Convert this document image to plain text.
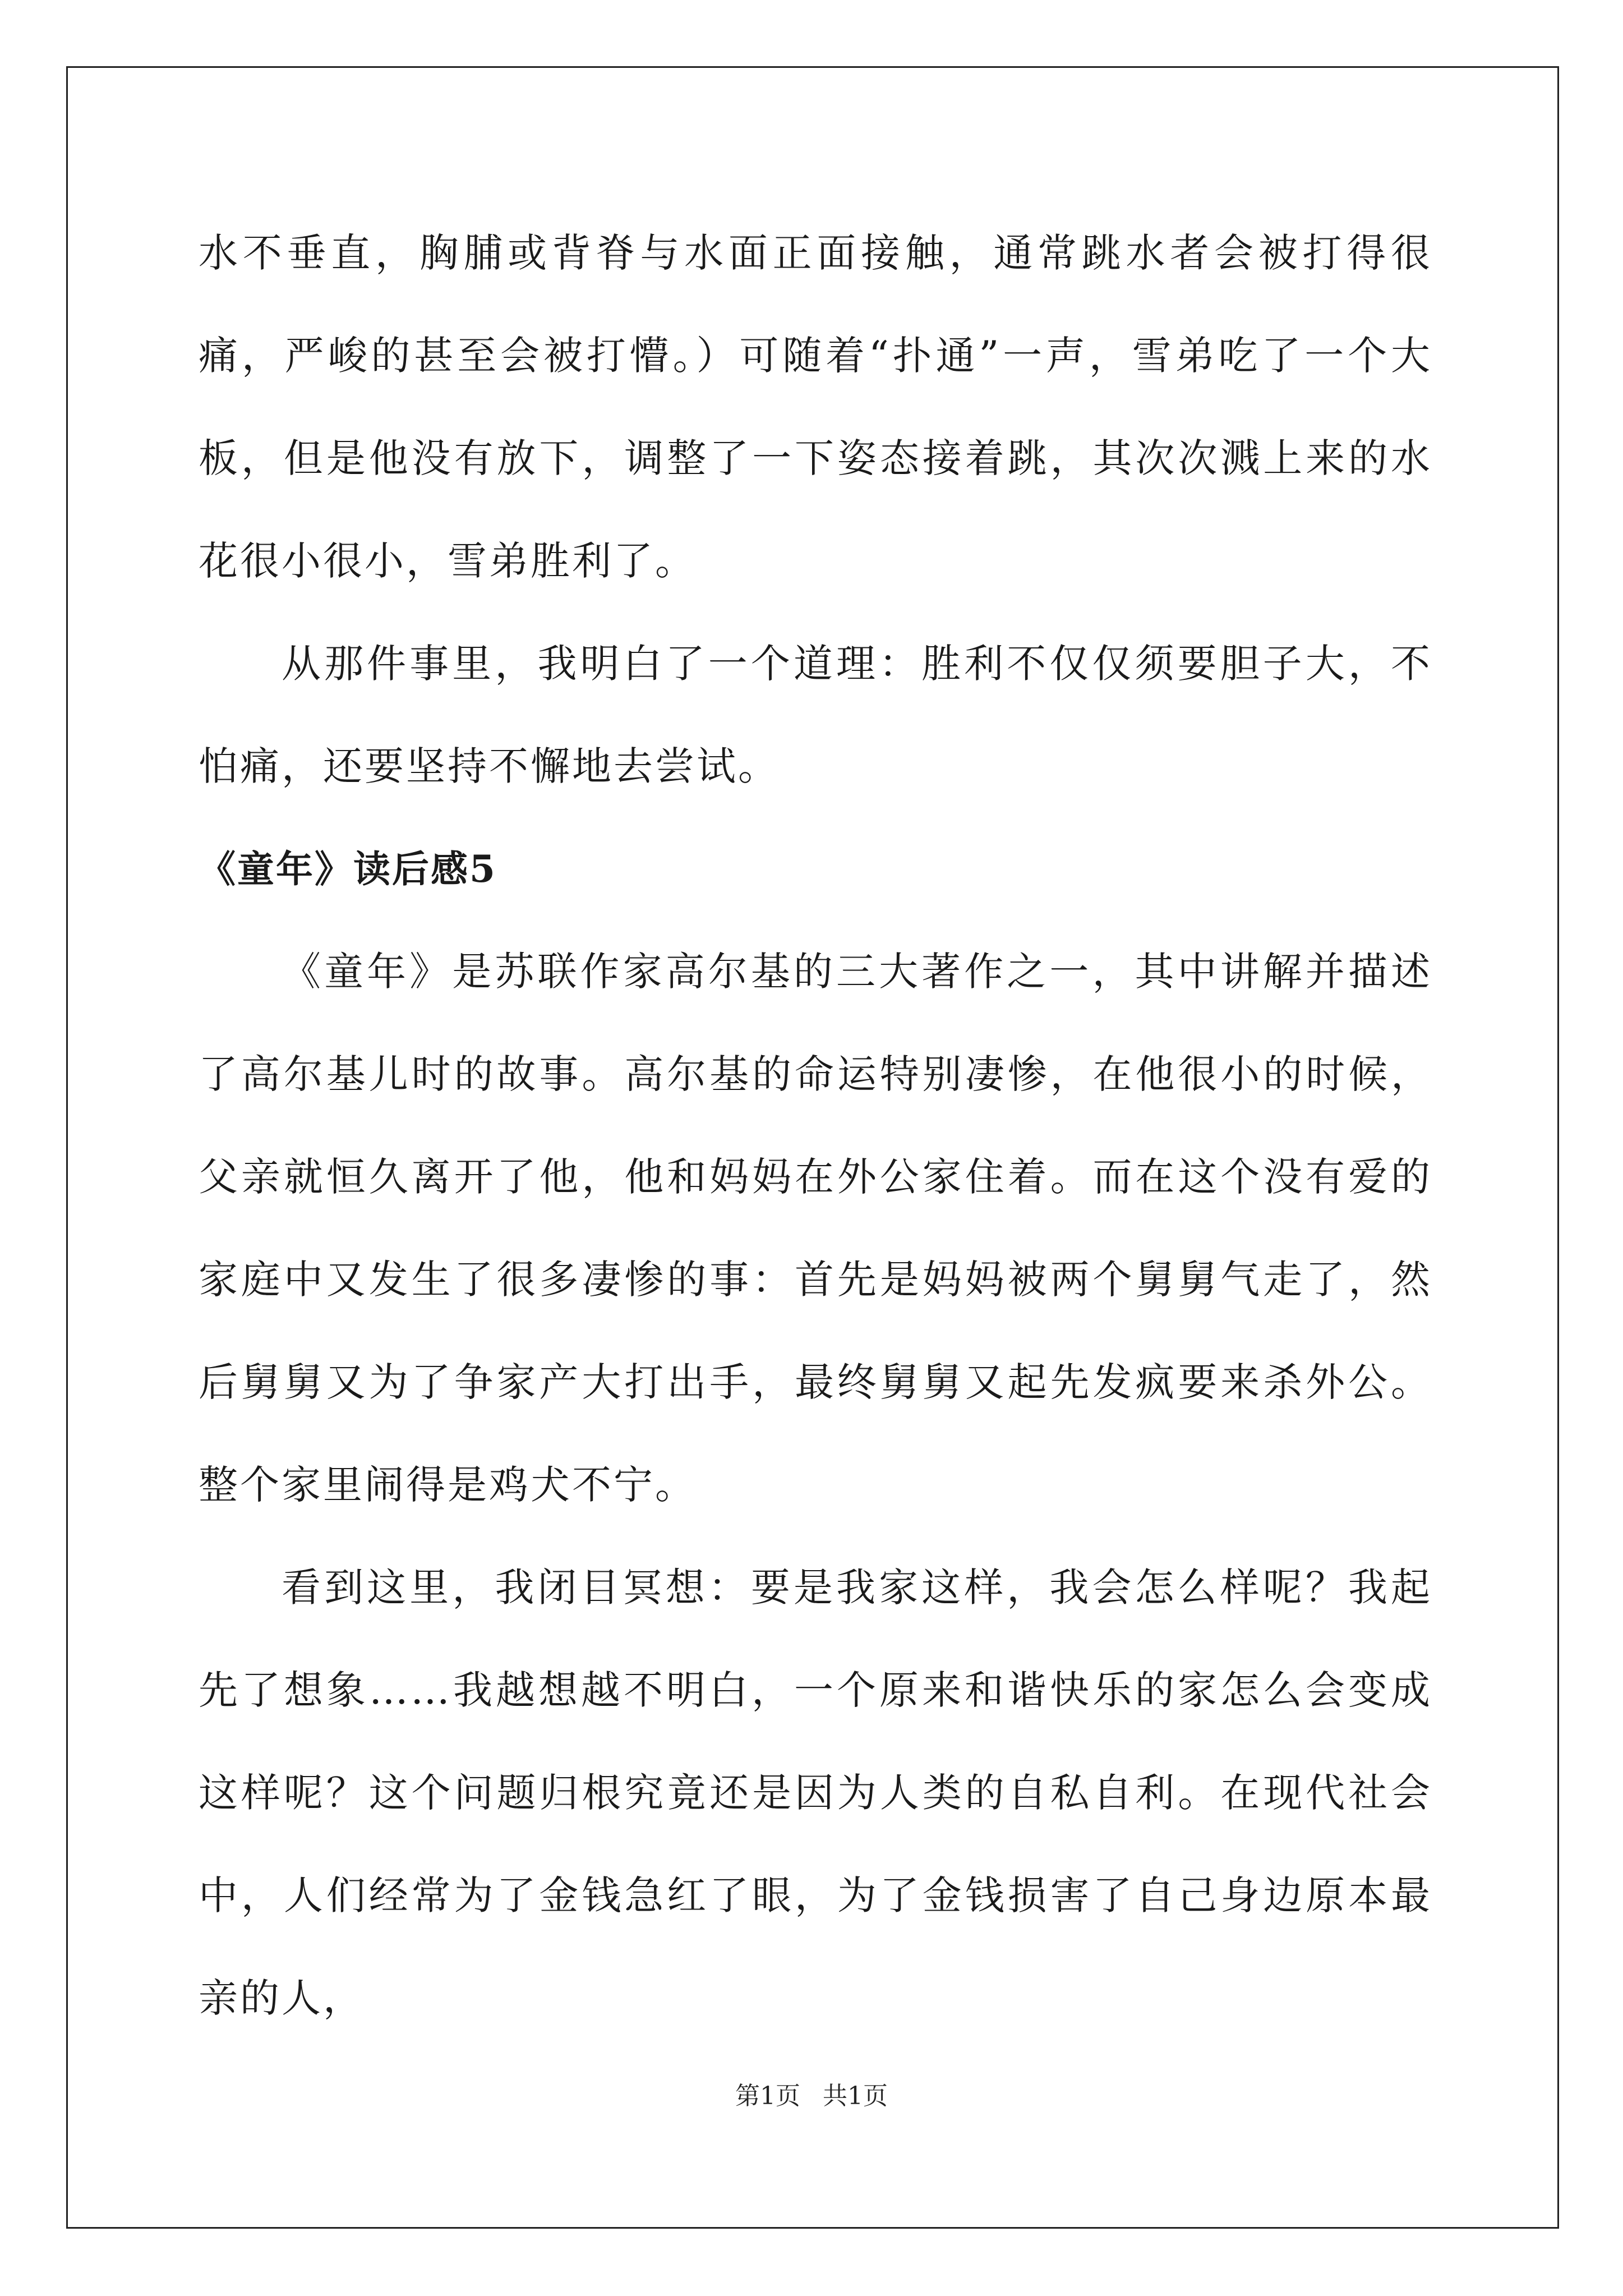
水不垂直，胸脯或背脊与水面正面接触，通常跳水者会被打得很痛，严峻的甚至会被打懵。）可随着“扑通”一声，雪弟吃了一个大板，但是他没有放下，调整了一下姿态接着跳，其次次溅上来的水花很小很小，雪弟胜利了。

从那件事里，我明白了一个道理：胜利不仅仅须要胆子大，不怕痛，还要坚持不懈地去尝试。

《童年》读后感5

《童年》是苏联作家高尔基的三大著作之一，其中讲解并描述了高尔基儿时的故事。高尔基的命运特别凄惨，在他很小的时候，父亲就恒久离开了他，他和妈妈在外公家住着。而在这个没有爱的家庭中又发生了很多凄惨的事：首先是妈妈被两个舅舅气走了，然后舅舅又为了争家产大打出手，最终舅舅又起先发疯要来杀外公。整个家里闹得是鸡犬不宁。

看到这里，我闭目冥想：要是我家这样，我会怎么样呢？我起先了想象……我越想越不明白，一个原来和谐快乐的家怎么会变成这样呢？这个问题归根究竟还是因为人类的自私自利。在现代社会中，人们经常为了金钱急红了眼，为了金钱损害了自己身边原本最亲的人，

第1页 共1页
